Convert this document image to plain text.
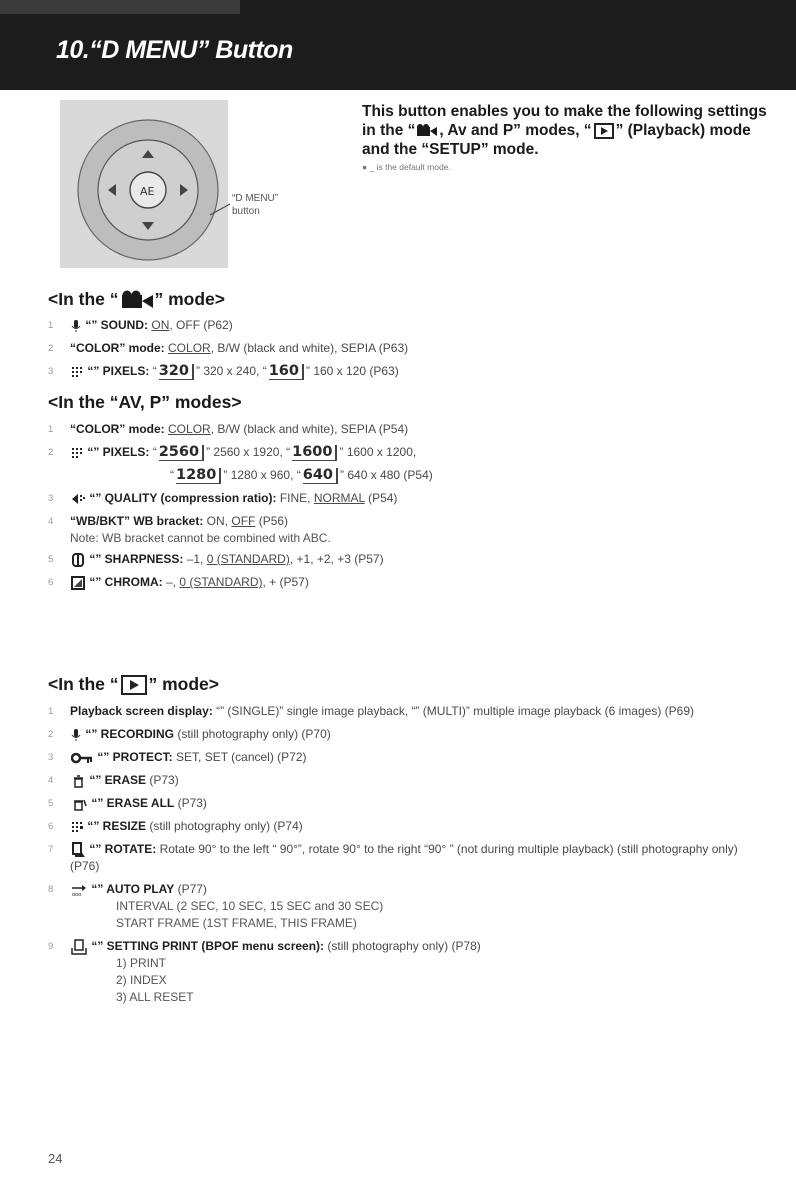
10.“D MENU” Button
AE
“D MENU”
button
This button enables you to make the following settings in the “ , Av and P” modes, “ ” (Playback) mode and the “SETUP” mode.
● _ is the default mode.
<In the “ ” mode>
1	“” SOUND: ON, OFF (P62)
2 “COLOR” mode: COLOR, B/W (black and white), SEPIA (P63)
3	“” PIXELS: “ 320 ” 320 x 240, “ 160 ” 160 x 120 (P63)
<In the “AV, P” modes>
1 “COLOR” mode: COLOR, B/W (black and white), SEPIA (P54)
2	“” PIXELS: “ 2560 ” 2560 x 1920, “ 1600 ” 1600 x 1200,
“ 1280 ” 1280 x 960, “ 640 ” 640 x 480 (P54)
3	“” QUALITY (compression ratio): FINE, NORMAL (P54)
4 “WB/BKT” WB bracket: ON, OFF (P56)
Note: WB bracket cannot be combined with ABC.
5	“” SHARPNESS: –1, 0 (STANDARD), +1, +2, +3 (P57)
6	“” CHROMA: –, 0 (STANDARD), + (P57)
<In the “ ” mode>
1 Playback screen display: “” (SINGLE)” single image playback, “” (MULTI)” multiple image playback (6 images) (P69)
2	“” RECORDING (still photography only) (P70)
3	“” PROTECT: SET, SET (cancel) (P72)
4	“” ERASE (P73)
5	“” ERASE ALL (P73)
6	“” RESIZE (still photography only) (P74)
7	“” ROTATE: Rotate 90° to the left “ 90°”, rotate 90° to the right “90° ” (not during multiple playback) (still photography only) (P76)
8	ooo “” AUTO PLAY (P77)
INTERVAL (2 SEC, 10 SEC, 15 SEC and 30 SEC)
START FRAME (1ST FRAME, THIS FRAME)
9	“” SETTING PRINT (BPOF menu screen): (still photography only) (P78)
1) PRINT
2) INDEX
3) ALL RESET
24
